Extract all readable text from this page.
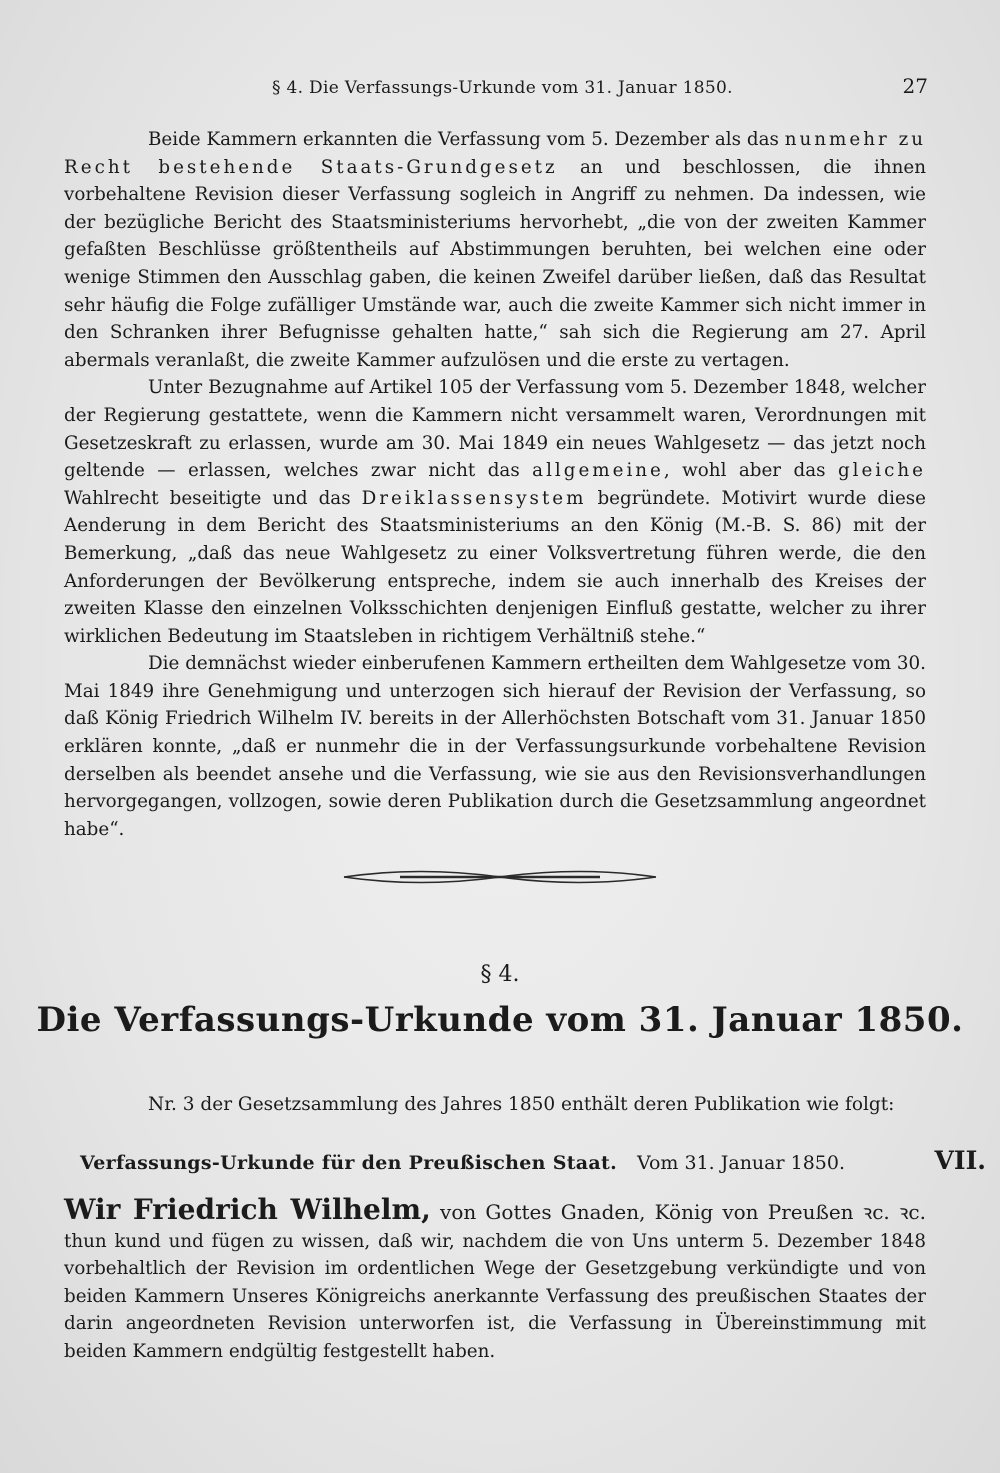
§ 4. Die Verfassungs-Urkunde vom 31. Januar 1850.	27

Beide Kammern erkannten die Verfassung vom 5. Dezember als das nunmehr zu Recht bestehende Staats-Grundgesetz an und beschlossen, die ihnen vorbehaltene Revision dieser Verfassung sogleich in Angriff zu nehmen. Da indessen, wie der bezügliche Bericht des Staatsministeriums hervorhebt, „die von der zweiten Kammer gefaßten Beschlüsse größtentheils auf Abstimmungen beruhten, bei welchen eine oder wenige Stimmen den Ausschlag gaben, die keinen Zweifel darüber ließen, daß das Resultat sehr häufig die Folge zufälliger Umstände war, auch die zweite Kammer sich nicht immer in den Schranken ihrer Befugnisse gehalten hatte,“ sah sich die Regierung am 27. April abermals veranlaßt, die zweite Kammer aufzulösen und die erste zu vertagen.

Unter Bezugnahme auf Artikel 105 der Verfassung vom 5. Dezember 1848, welcher der Regierung gestattete, wenn die Kammern nicht versammelt waren, Verordnungen mit Gesetzeskraft zu erlassen, wurde am 30. Mai 1849 ein neues Wahlgesetz — das jetzt noch geltende — erlassen, welches zwar nicht das allgemeine, wohl aber das gleiche Wahlrecht beseitigte und das Dreiklassensystem begründete. Motivirt wurde diese Aenderung in dem Bericht des Staatsministeriums an den König (M.-B. S. 86) mit der Bemerkung, „daß das neue Wahlgesetz zu einer Volksvertretung führen werde, die den Anforderungen der Bevölkerung entspreche, indem sie auch innerhalb des Kreises der zweiten Klasse den einzelnen Volksschichten denjenigen Einfluß gestatte, welcher zu ihrer wirklichen Bedeutung im Staatsleben in richtigem Verhältniß stehe.“

Die demnächst wieder einberufenen Kammern ertheilten dem Wahlgesetze vom 30. Mai 1849 ihre Genehmigung und unterzogen sich hierauf der Revision der Verfassung, so daß König Friedrich Wilhelm IV. bereits in der Allerhöchsten Botschaft vom 31. Januar 1850 erklären konnte, „daß er nunmehr die in der Verfassungsurkunde vorbehaltene Revision derselben als beendet ansehe und die Verfassung, wie sie aus den Revisionsverhandlungen hervorgegangen, vollzogen, sowie deren Publikation durch die Gesetzsammlung angeordnet habe“.

§ 4.
Die Verfassungs-Urkunde vom 31. Januar 1850.
Nr. 3 der Gesetzsammlung des Jahres 1850 enthält deren Publikation wie folgt:
Verfassungs-Urkunde für den Preußischen Staat. Vom 31. Januar 1850.	VII.
Wir Friedrich Wilhelm, von Gottes Gnaden, König von Preußen ꝛc. ꝛc. thun kund und fügen zu wissen, daß wir, nachdem die von Uns unterm 5. Dezember 1848 vorbehaltlich der Revision im ordentlichen Wege der Gesetzgebung verkündigte und von beiden Kammern Unseres Königreichs anerkannte Verfassung des preußischen Staates der darin angeordneten Revision unterworfen ist, die Verfassung in Übereinstimmung mit beiden Kammern endgültig festgestellt haben.
